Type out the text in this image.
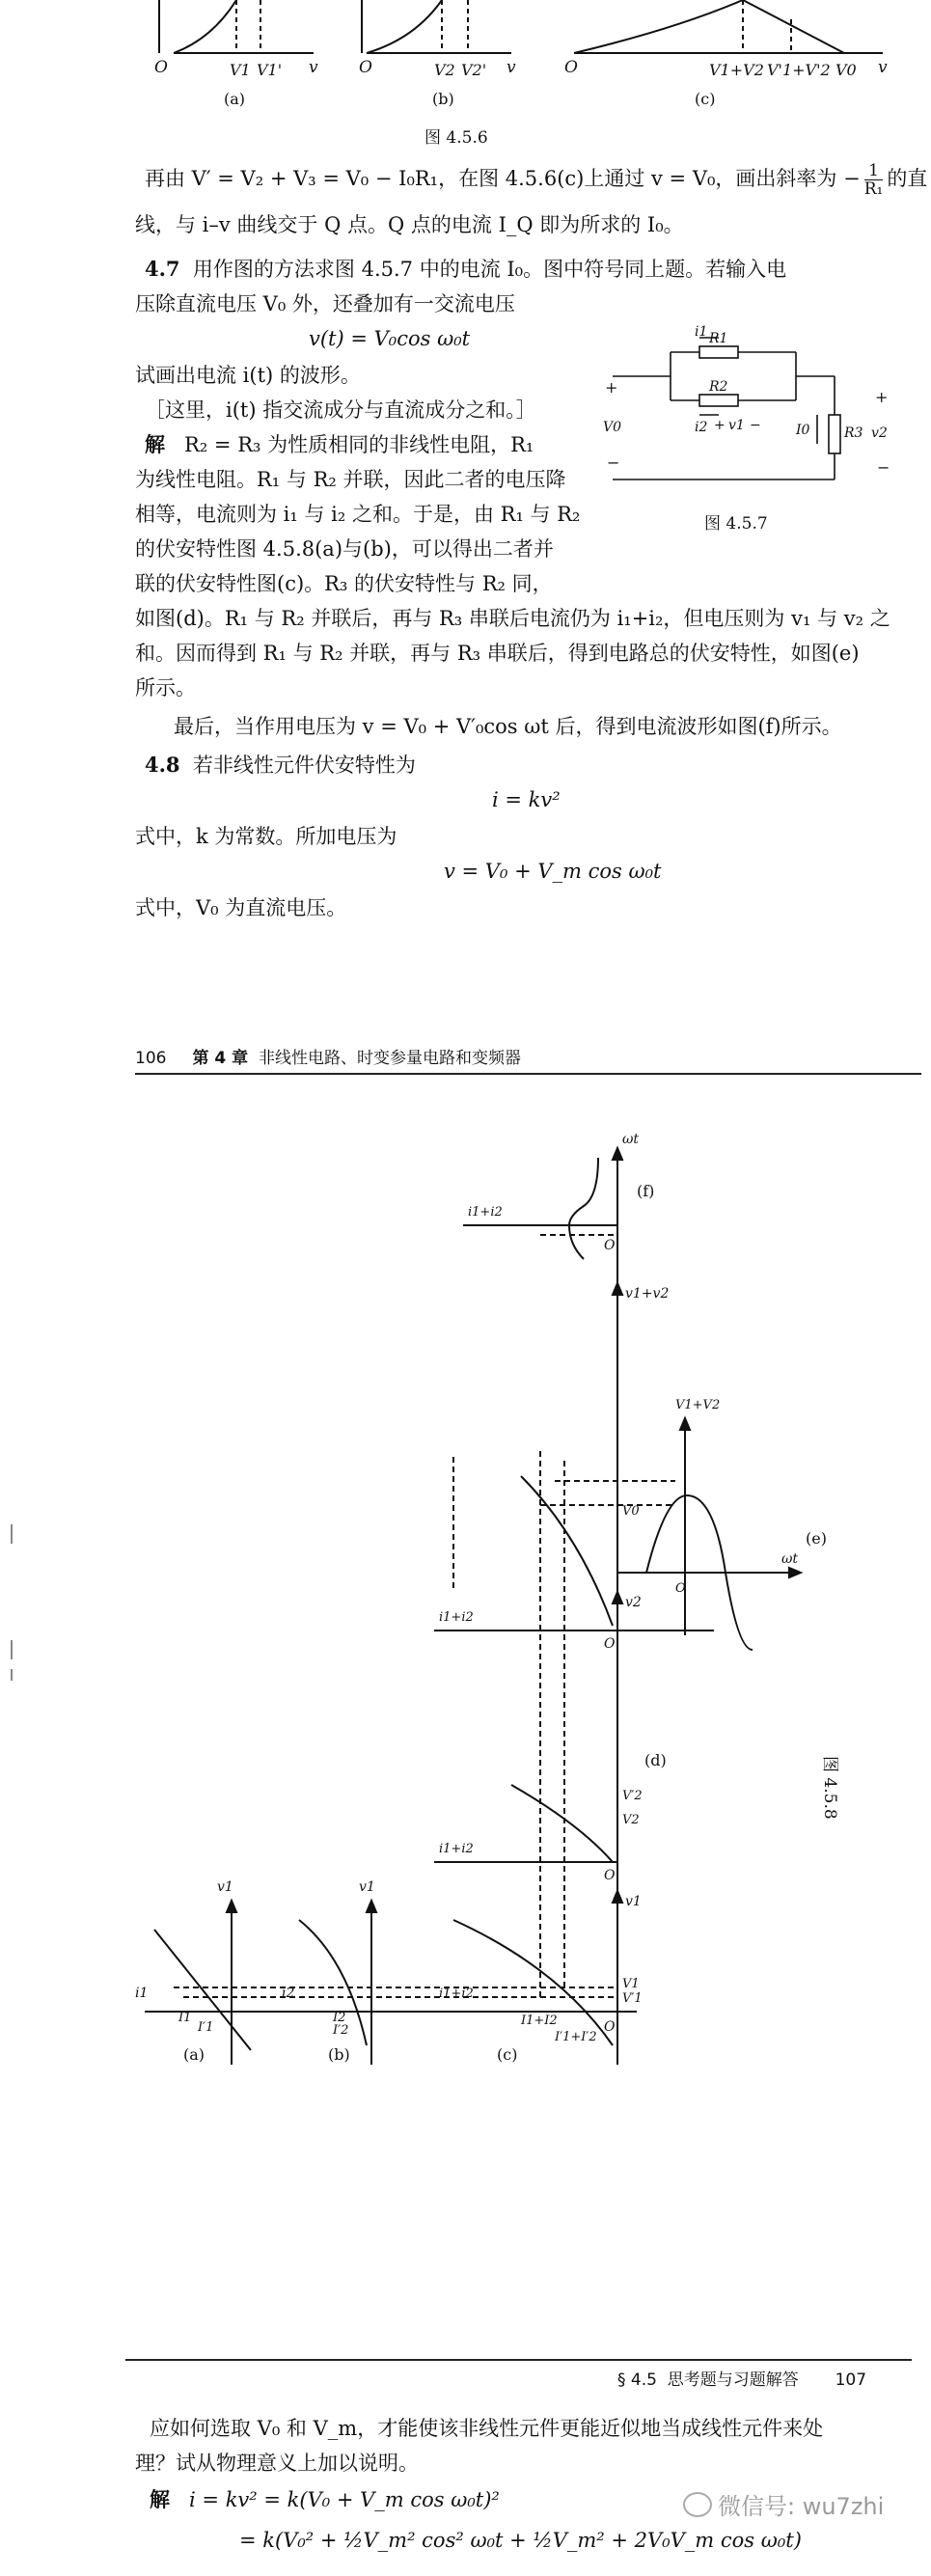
O	V1 V1' v
(a)
O	V2 V2' v
(b)
O	V1+V2 V'1+V'2 V0 v
(c)
图 4.5.6
再由 V′ = V₂ + V₃ = V₀ − I₀R₁，在图 4.5.6(c)上通过 v = V₀，画出斜率为 − $\frac{1}{\text{R₁}}$ 的直
线，与 i–v 曲线交于 Q 点。Q 点的电流 I_Q 即为所求的 I₀。
4.7 用作图的方法求图 4.5.7 中的电流 I₀。图中符号同上题。若输入电
压除直流电压 V₀ 外，还叠加有一交流电压
v(t) = V₀cos ω₀t
试画出电流 i(t) 的波形。
［这里，i(t) 指交流成分与直流成分之和。］
解 R₂ = R₃ 为性质相同的非线性电阻，R₁
为线性电阻。R₁ 与 R₂ 并联，因此二者的电压降
相等，电流则为 i₁ 与 i₂ 之和。于是，由 R₁ 与 R₂
的伏安特性图 4.5.8(a)与(b)，可以得出二者并
联的伏安特性图(c)。R₃ 的伏安特性与 R₂ 同，
如图(d)。R₁ 与 R₂ 并联后，再与 R₃ 串联后电流仍为 i₁+i₂，但电压则为 v₁ 与 v₂ 之
和。因而得到 R₁ 与 R₂ 并联，再与 R₃ 串联后，得到电路总的伏安特性，如图(e)
所示。
最后，当作用电压为 v = V₀ + V′₀cos ωt 后，得到电流波形如图(f)所示。
i1 R1
R2
i2 + v1 −
+
V0
−
I0	R3 v2
+
−
图 4.5.7
4.8 若非线性元件伏安特性为
i = kv²
式中，k 为常数。所加电压为
v = V₀ + V_m cos ω₀t
式中，V₀ 为直流电压。
106 第 4 章 非线性电路、时变参量电路和变频器
(a)	(b)	(c)
(d)
(e)
(f)
v1	v1
i1
I1
I′1
i2
I2
I′2
i1+i2
I1+I2
I′1+I′2
O
V1
V′1
v1
i1+i2
O
V2
V′2
v2
i1+i2
O
V0
v1+v2
V1+V2
O
ωt
i1+i2
O
ωt
图 4.5.8
§ 4.5 思考题与习题解答 107
应如何选取 V₀ 和 V_m，才能使该非线性元件更能近似地当成线性元件来处
理？试从物理意义上加以说明。
解 i = kv² = k(V₀ + V_m cos ω₀t)²
= k(V₀² + ½V_m² cos² ω₀t + ½V_m² + 2V₀V_m cos ω₀t)
微信号: wu7zhi
